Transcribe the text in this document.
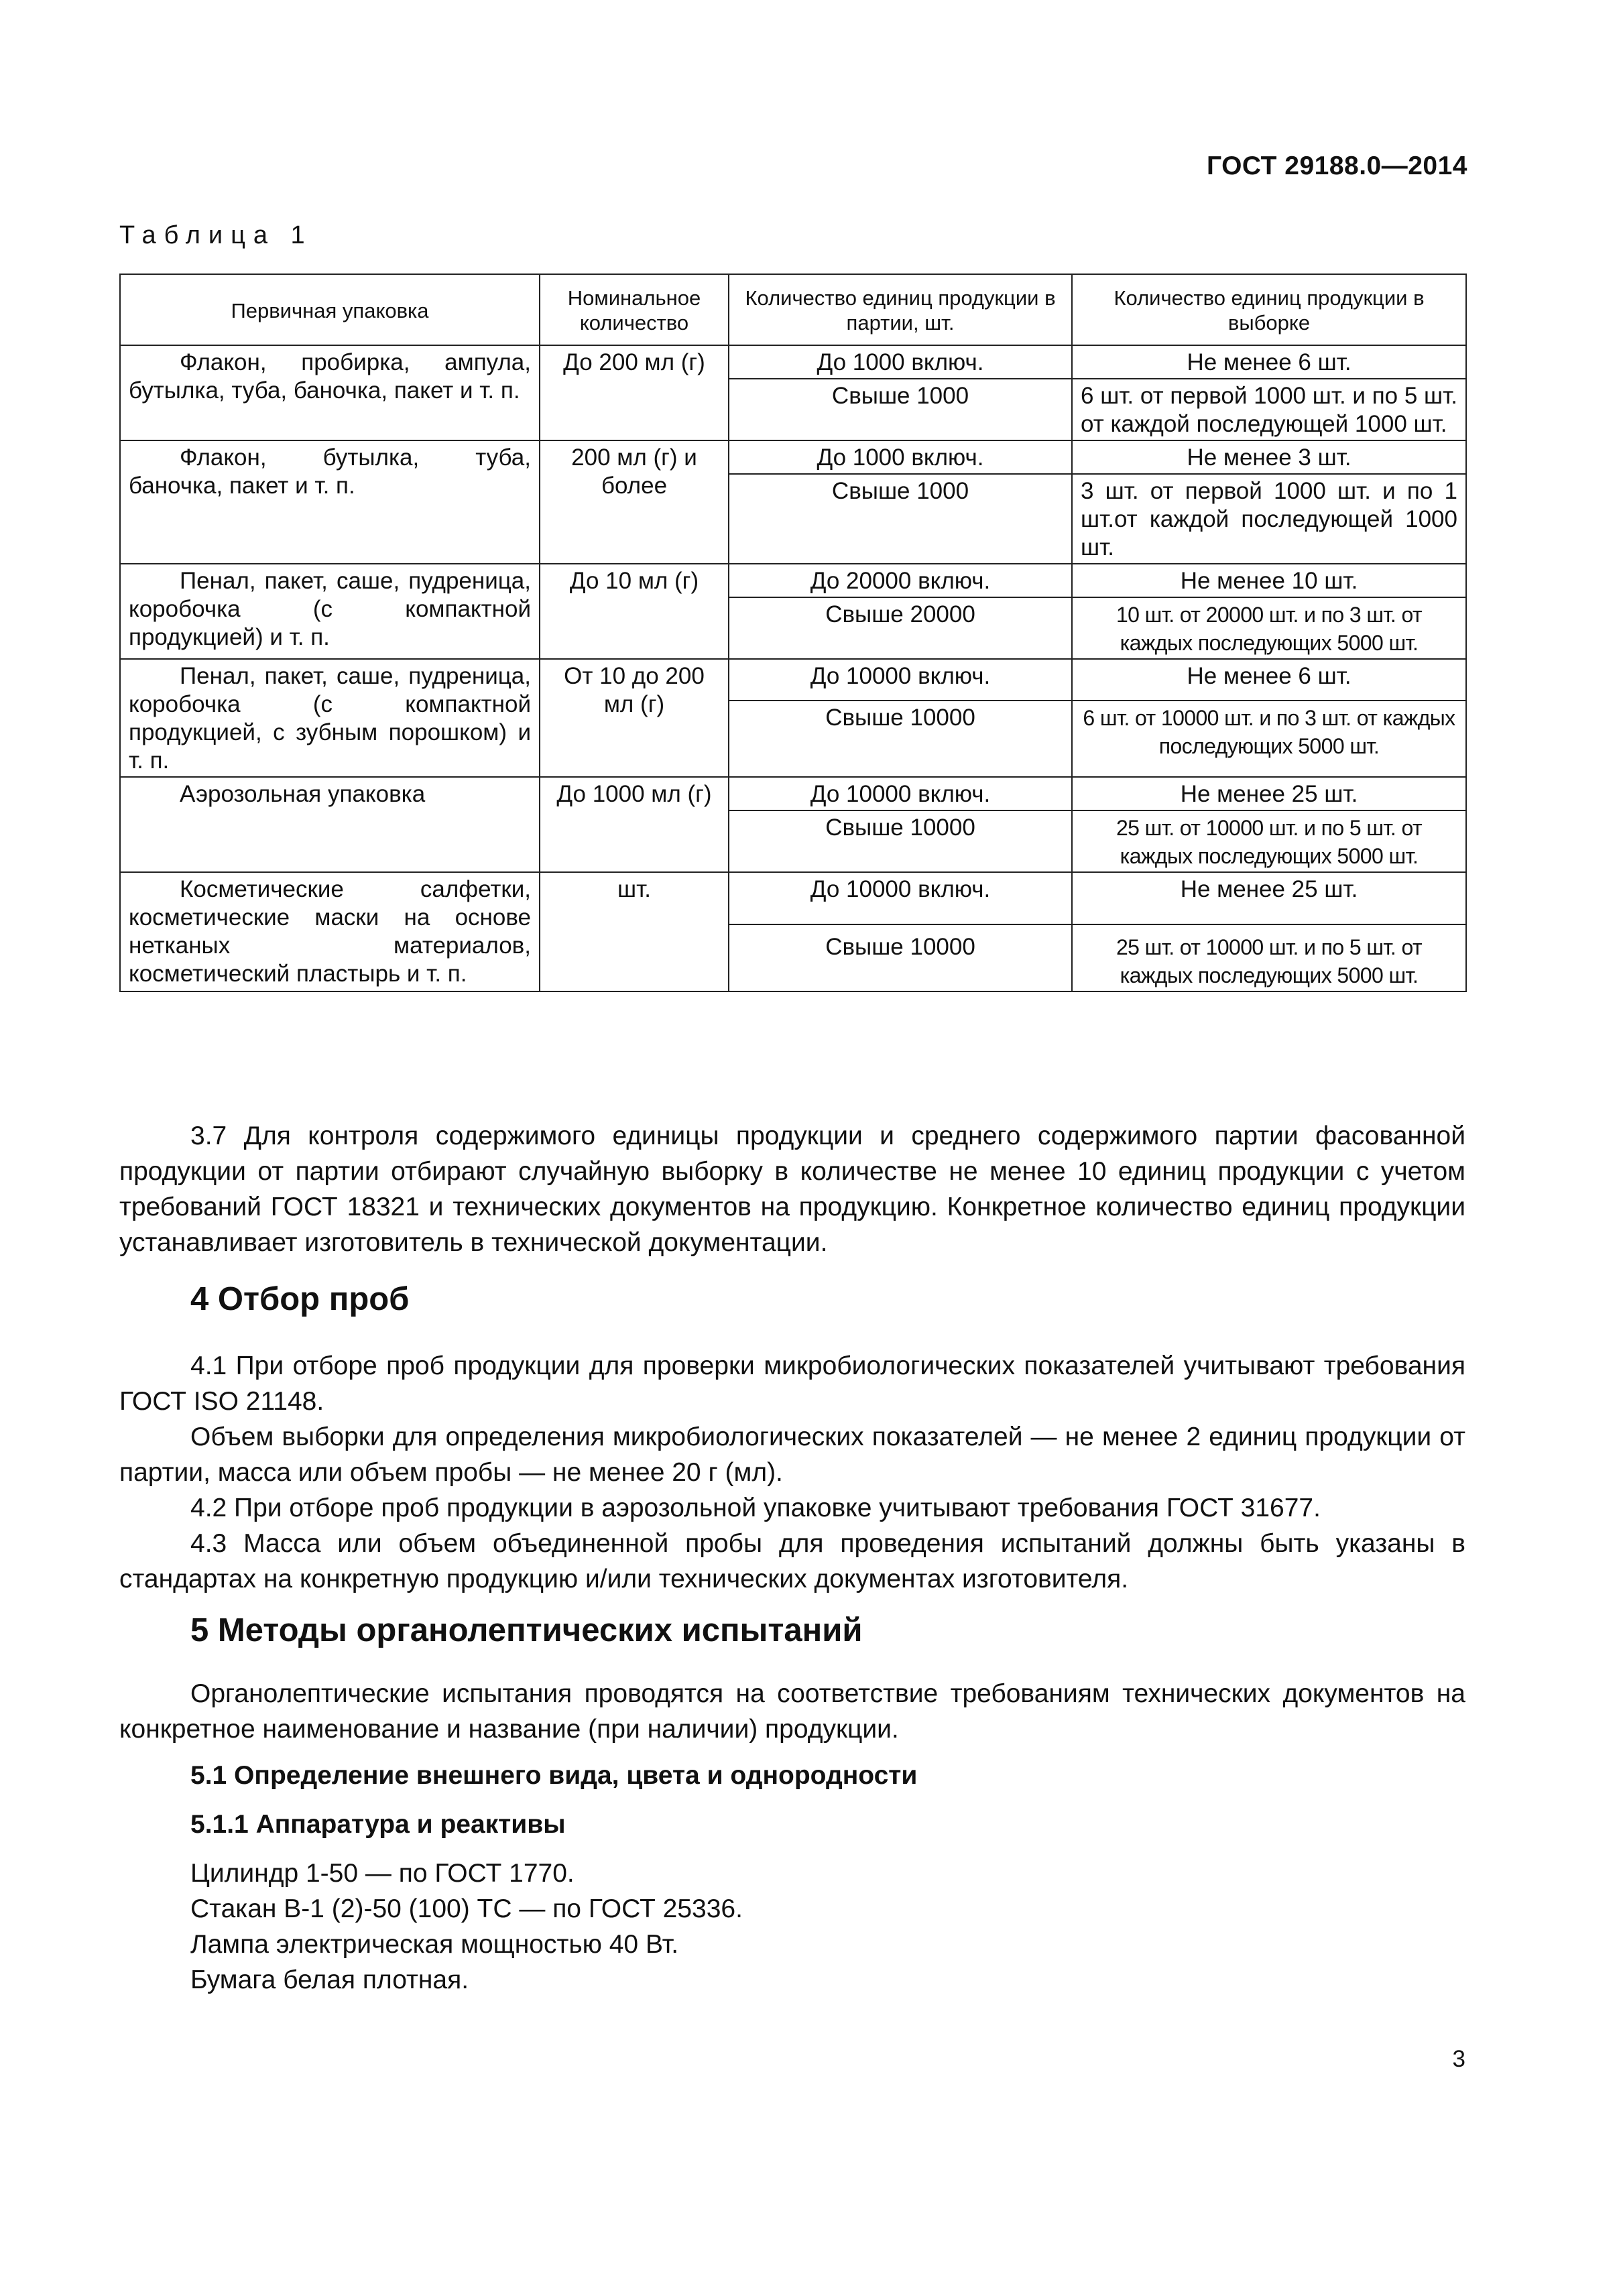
ГОСТ 29188.0—2014
Таблица 1
Первичная упаковка	Номинальное количество	Количество единиц продукции в партии, шт.	Количество единиц продукции в выборке
Флакон, пробирка, ампула, бутылка, туба, баночка, пакет и т. п.	До 200 мл (г)	До 1000 включ.	Не менее 6 шт.
		Свыше 1000	6 шт. от первой 1000 шт. и по 5 шт. от каждой последующей 1000 шт.
Флакон, бутылка, туба, баночка, пакет и т. п.	200 мл (г) и более	До 1000 включ.	Не менее 3 шт.
		Свыше 1000	3 шт. от первой 1000 шт. и по 1 шт.от каждой последующей 1000 шт.
Пенал, пакет, саше, пудреница, коробочка (с компактной продукцией) и т. п.	До 10 мл (г)	До 20000 включ.	Не менее 10 шт.
		Свыше 20000	10 шт. от 20000 шт. и по 3 шт. от каждых последующих 5000 шт.
Пенал, пакет, саше, пудреница, коробочка (с компактной продукцией, с зубным порошком) и т. п.	От 10 до 200 мл (г)	До 10000 включ.	Не менее 6 шт.
		Свыше 10000	6 шт. от 10000 шт. и по 3 шт. от каждых последующих 5000 шт.
Аэрозольная упаковка	До 1000 мл (г)	До 10000 включ.	Не менее 25 шт.
		Свыше 10000	25 шт. от 10000 шт. и по 5 шт. от каждых последующих 5000 шт.
Косметические салфетки, косметические маски на основе нетканых материалов, косметический пластырь и т. п.	шт.	До 10000 включ.	Не менее 25 шт.
		Свыше 10000	25 шт. от 10000 шт. и по 5 шт. от каждых последующих 5000 шт.

3.7 Для контроля содержимого единицы продукции и среднего содержимого партии фасованной продукции от партии отбирают случайную выборку в количестве не менее 10 единиц продукции с учетом требований ГОСТ 18321 и технических документов на продукцию. Конкретное количество единиц продукции устанавливает изготовитель в технической документации.

4 Отбор проб

4.1 При отборе проб продукции для проверки микробиологических показателей учитывают требования ГОСТ ISO 21148.

Объем выборки для определения микробиологических показателей — не менее 2 единиц продукции от партии, масса или объем пробы — не менее 20 г (мл).

4.2 При отборе проб продукции в аэрозольной упаковке учитывают требования ГОСТ 31677.

4.3 Масса или объем объединенной пробы для проведения испытаний должны быть указаны в стандартах на конкретную продукцию и/или технических документах изготовителя.

5 Методы органолептических испытаний

Органолептические испытания проводятся на соответствие требованиям технических документов на конкретное наименование и название (при наличии) продукции.

5.1 Определение внешнего вида, цвета и однородности
5.1.1 Аппаратура и реактивы

Цилиндр 1-50 — по ГОСТ 1770.

Стакан В-1 (2)-50 (100) ТС — по ГОСТ 25336.

Лампа электрическая мощностью 40 Вт.

Бумага белая плотная.

3
